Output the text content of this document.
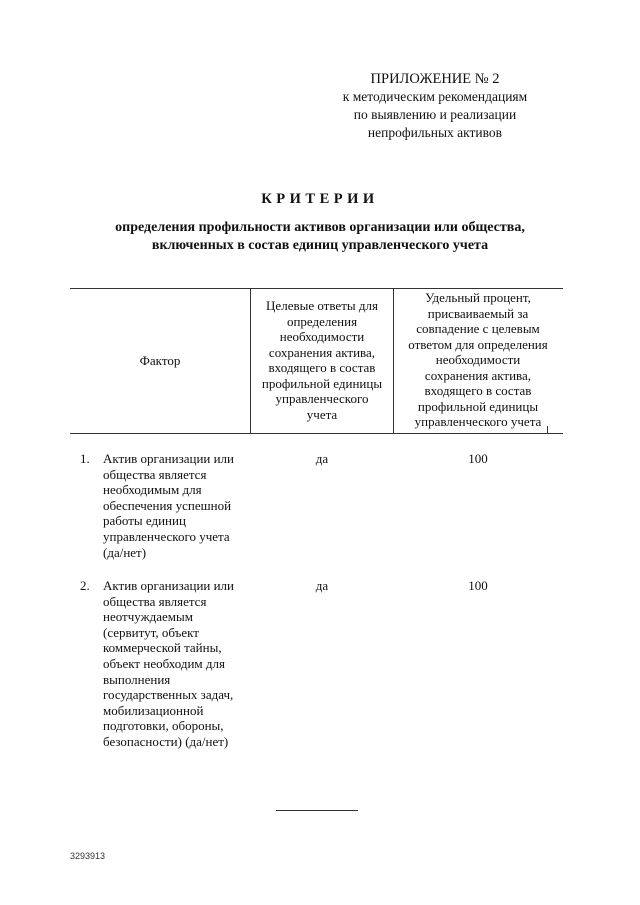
ПРИЛОЖЕНИЕ № 2
к методическим рекомендациям
по выявлению и реализации
непрофильных активов
КРИТЕРИИ
определения профильности активов организации или общества,
включенных в состав единиц управленческого учета
Фактор
Целевые ответы для
определения
необходимости
сохранения актива,
входящего в состав
профильной единицы
управленческого
учета
Удельный процент,
присваиваемый за
совпадение с целевым
ответом для определения
необходимости
сохранения актива,
входящего в состав
профильной единицы
управленческого учета
1. Актив организации или
общества является
необходимым для
обеспечения успешной
работы единиц
управленческого учета
(да/нет)
да	100
2. Актив организации или
общества является
неотчуждаемым
(сервитут, объект
коммерческой тайны,
объект необходим для
выполнения
государственных задач,
мобилизационной
подготовки, обороны,
безопасности) (да/нет)
да	100
3293913
